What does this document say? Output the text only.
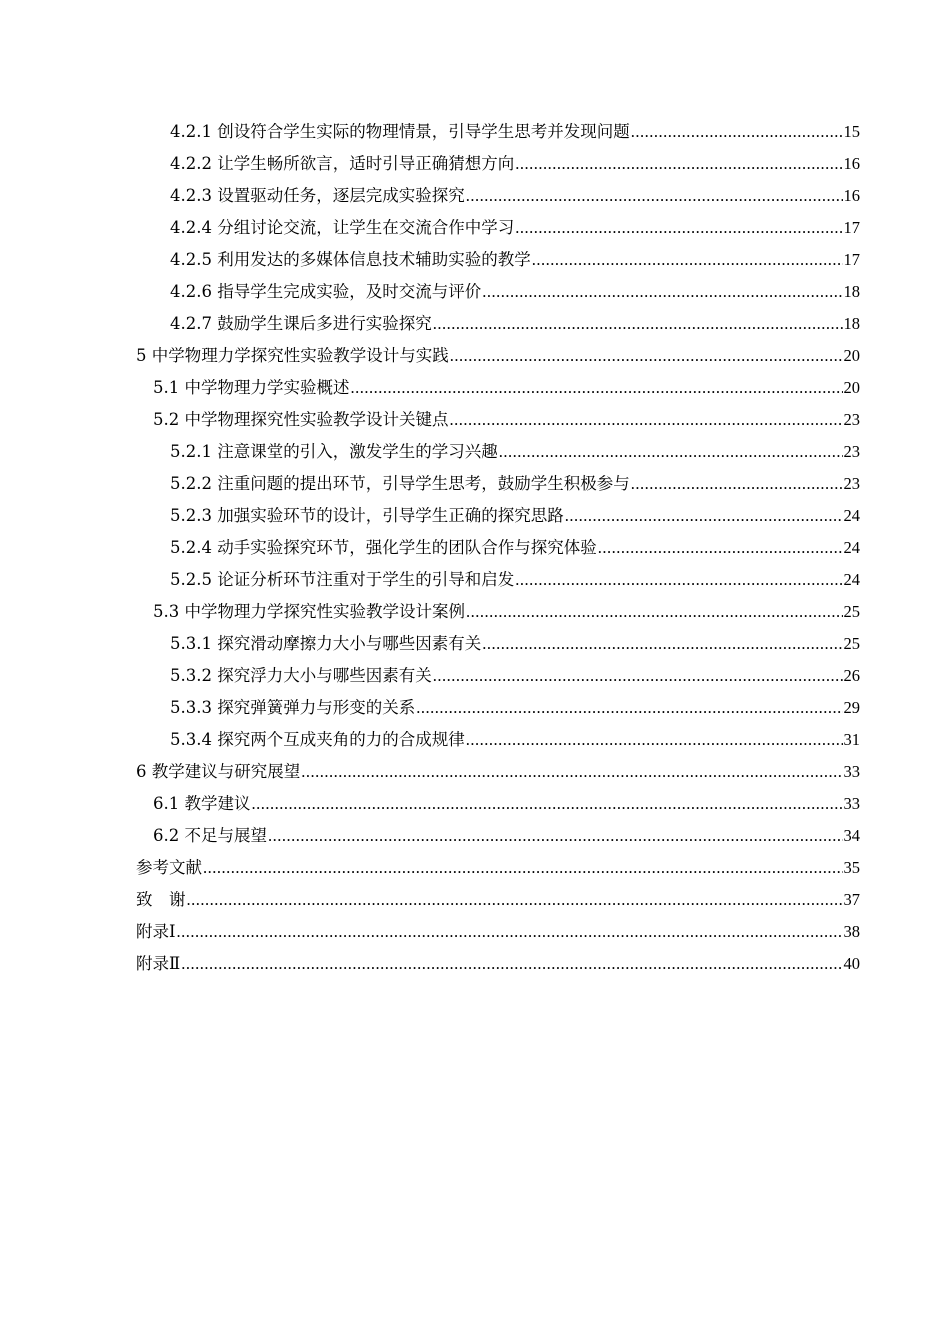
4.2.1 创设符合学生实际的物理情景，引导学生思考并发现问题 .....	15
4.2.2 让学生畅所欲言，适时引导正确猜想方向 .....	16
4.2.3 设置驱动任务，逐层完成实验探究 .....	16
4.2.4 分组讨论交流，让学生在交流合作中学习 .....	17
4.2.5 利用发达的多媒体信息技术辅助实验的教学 .....	17
4.2.6 指导学生完成实验，及时交流与评价 .....	18
4.2.7 鼓励学生课后多进行实验探究 .....	18
5 中学物理力学探究性实验教学设计与实践 .....	20
5.1 中学物理力学实验概述 .....	20
5.2 中学物理探究性实验教学设计关键点 .....	23
5.2.1 注意课堂的引入，激发学生的学习兴趣 .....	23
5.2.2 注重问题的提出环节，引导学生思考，鼓励学生积极参与 .....	23
5.2.3 加强实验环节的设计，引导学生正确的探究思路 .....	24
5.2.4 动手实验探究环节，强化学生的团队合作与探究体验 .....	24
5.2.5 论证分析环节注重对于学生的引导和启发 .....	24
5.3 中学物理力学探究性实验教学设计案例 .....	25
5.3.1 探究滑动摩擦力大小与哪些因素有关 .....	25
5.3.2 探究浮力大小与哪些因素有关 .....	26
5.3.3 探究弹簧弹力与形变的关系 .....	29
5.3.4 探究两个互成夹角的力的合成规律 .....	31
6 教学建议与研究展望 .....	33
6.1 教学建议 .....	33
6.2 不足与展望 .....	34
参考文献 .....	35
致　谢 .....	37
附录Ⅰ .....	38
附录Ⅱ .....	40
